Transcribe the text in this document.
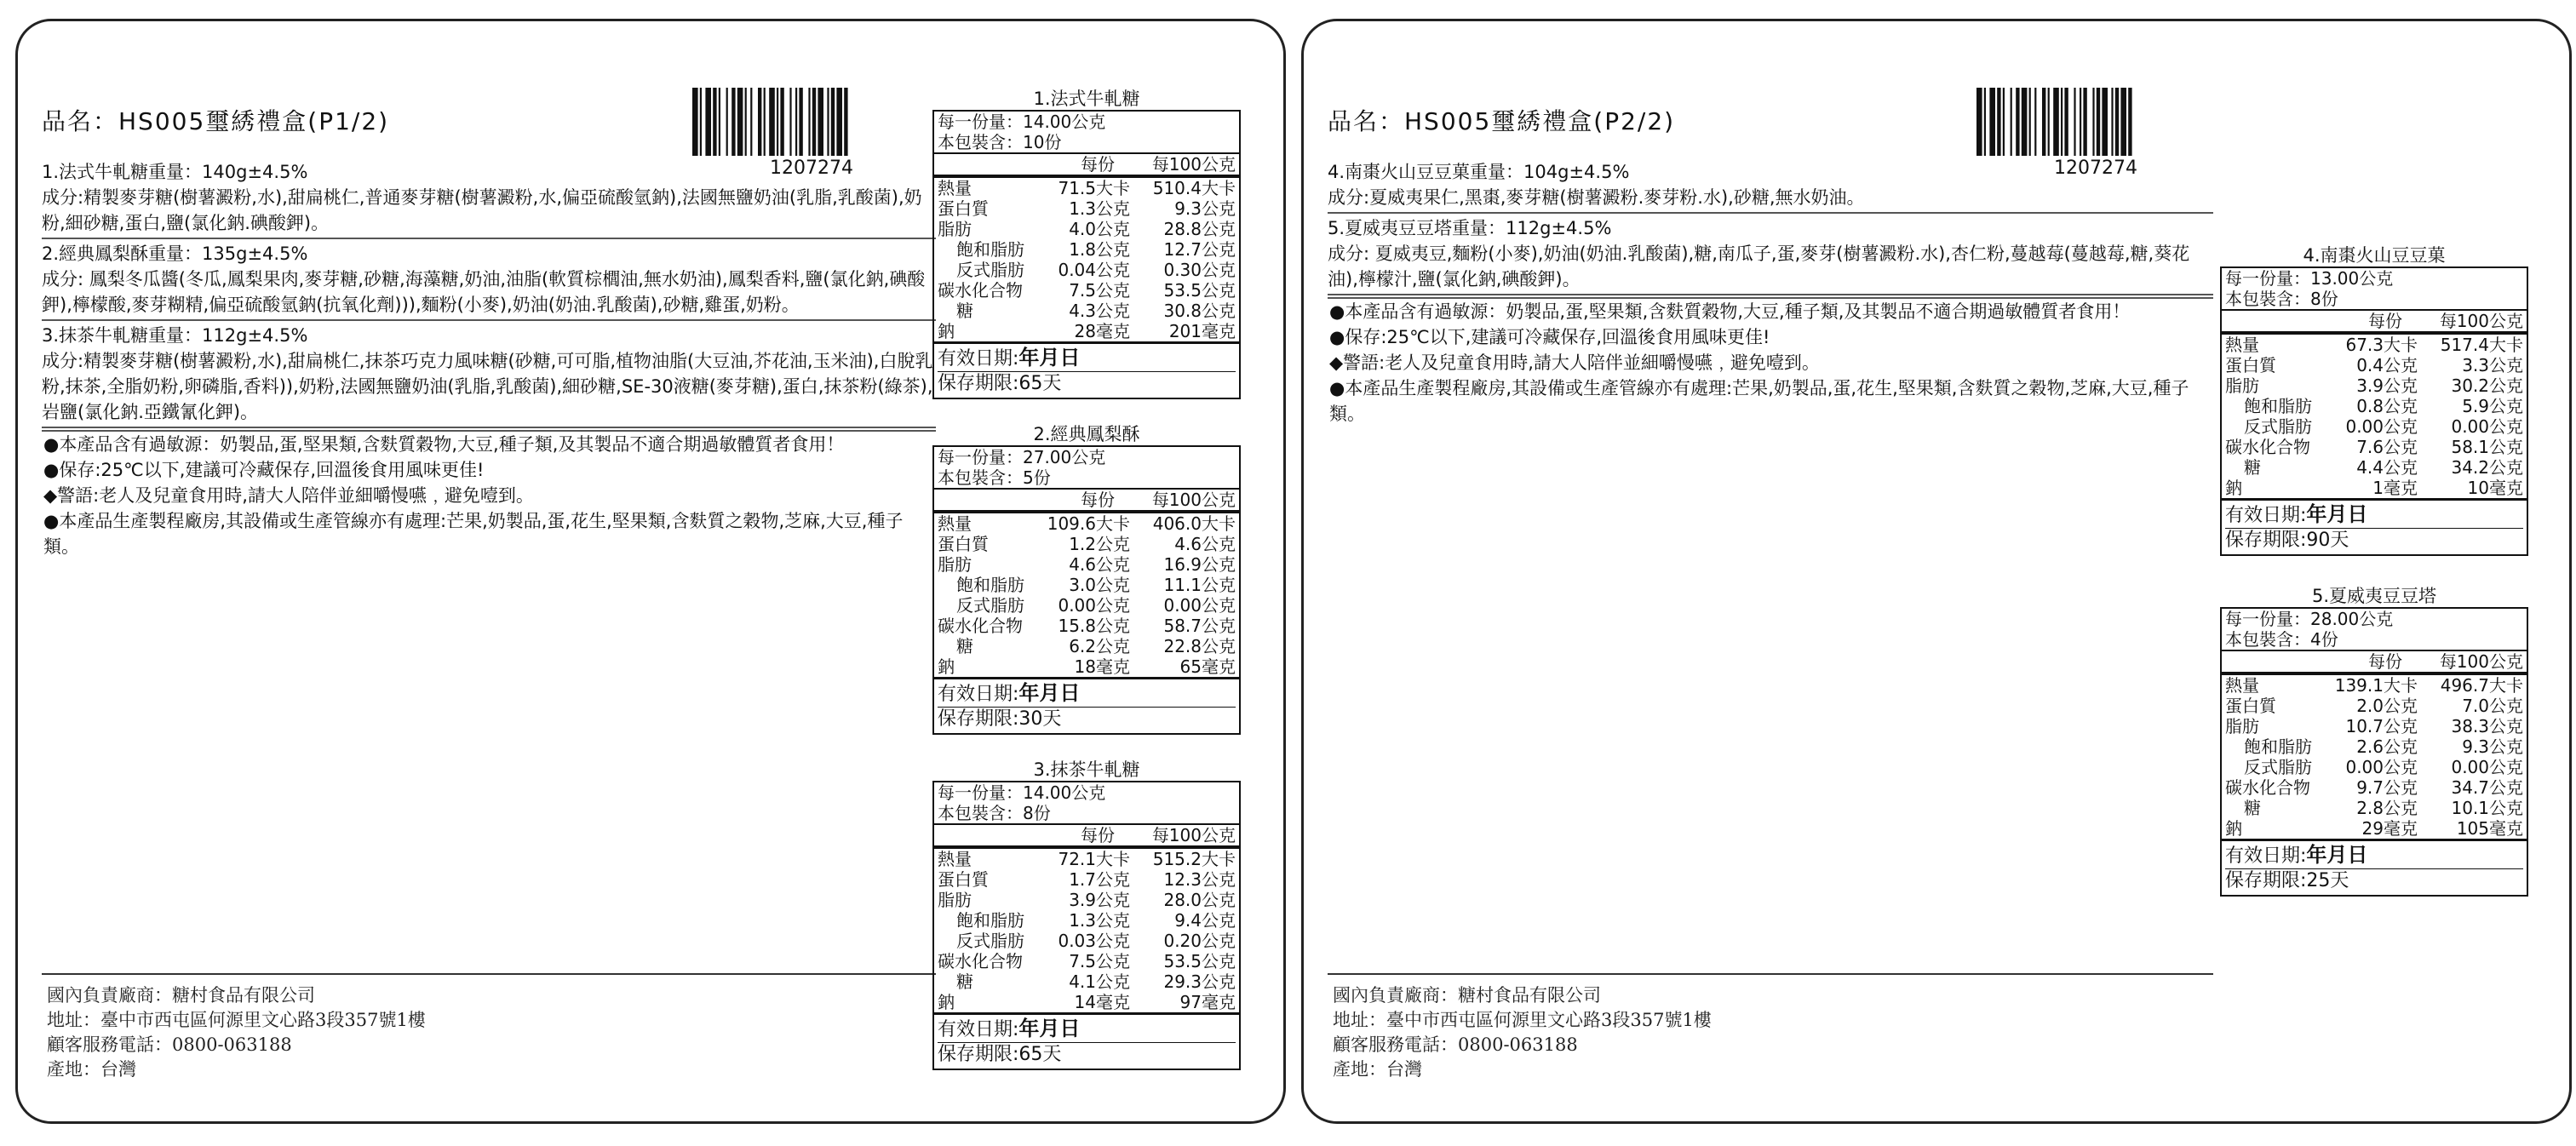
品名：HS005璽綉禮盒(P1/2)
1207274
1.法式牛軋糖重量：140g±4.5%
成分:精製麥芽糖(樹薯澱粉,水),甜扁桃仁,普通麥芽糖(樹薯澱粉,水,偏亞硫酸氫鈉),法國無鹽奶油(乳脂,乳酸菌),奶粉,細砂糖,蛋白,鹽(氯化鈉.碘酸鉀)。
2.經典鳳梨酥重量：135g±4.5%
成分: 鳳梨冬瓜醬(冬瓜,鳳梨果肉,麥芽糖,砂糖,海藻糖,奶油,油脂(軟質棕櫚油,無水奶油),鳳梨香料,鹽(氯化鈉,碘酸鉀),檸檬酸,麥芽糊精,偏亞硫酸氫鈉(抗氧化劑))),麵粉(小麥),奶油(奶油.乳酸菌),砂糖,雞蛋,奶粉。
3.抹茶牛軋糖重量：112g±4.5%
成分:精製麥芽糖(樹薯澱粉,水),甜扁桃仁,抹茶巧克力風味糖(砂糖,可可脂,植物油脂(大豆油,芥花油,玉米油),白脫乳粉,抹茶,全脂奶粉,卵磷脂,香料)),奶粉,法國無鹽奶油(乳脂,乳酸菌),細砂糖,SE-30液糖(麥芽糖),蛋白,抹茶粉(綠茶),岩鹽(氯化鈉.亞鐵氰化鉀)。
●本產品含有過敏源：奶製品,蛋,堅果類,含麩質穀物,大豆,種子類,及其製品不適合期過敏體質者食用！
●保存:25℃以下,建議可冷藏保存,回溫後食用風味更佳!
◆警語:老人及兒童食用時,請大人陪伴並細嚼慢嚥﹐避免噎到。
●本產品生產製程廠房,其設備或生產管線亦有處理:芒果,奶製品,蛋,花生,堅果類,含麩質之穀物,芝麻,大豆,種子類。
國內負責廠商：糖村食品有限公司
地址：臺中市西屯區何源里文心路3段357號1樓
顧客服務電話：0800-063188
產地：台灣
1.法式牛軋糖
每一份量：14.00公克
本包裝含：10份
每份	每100公克
熱量	71.5大卡	510.4大卡
蛋白質	1.3公克	9.3公克
脂肪	4.0公克	28.8公克
飽和脂肪	1.8公克	12.7公克
反式脂肪	0.04公克	0.30公克
碳水化合物	7.5公克	53.5公克
糖	4.3公克	30.8公克
鈉	28毫克	201毫克
有效日期:年月日
保存期限:65天
2.經典鳳梨酥
每一份量：27.00公克
本包裝含：5份
每份	每100公克
熱量	109.6大卡	406.0大卡
蛋白質	1.2公克	4.6公克
脂肪	4.6公克	16.9公克
飽和脂肪	3.0公克	11.1公克
反式脂肪	0.00公克	0.00公克
碳水化合物	15.8公克	58.7公克
糖	6.2公克	22.8公克
鈉	18毫克	65毫克
有效日期:年月日
保存期限:30天
3.抹茶牛軋糖
每一份量：14.00公克
本包裝含：8份
每份	每100公克
熱量	72.1大卡	515.2大卡
蛋白質	1.7公克	12.3公克
脂肪	3.9公克	28.0公克
飽和脂肪	1.3公克	9.4公克
反式脂肪	0.03公克	0.20公克
碳水化合物	7.5公克	53.5公克
糖	4.1公克	29.3公克
鈉	14毫克	97毫克
有效日期:年月日
保存期限:65天
品名：HS005璽綉禮盒(P2/2)
1207274
4.南棗火山豆豆菓重量：104g±4.5%
成分:夏威夷果仁,黑棗,麥芽糖(樹薯澱粉.麥芽粉.水),砂糖,無水奶油。
5.夏威夷豆豆塔重量：112g±4.5%
成分: 夏威夷豆,麵粉(小麥),奶油(奶油.乳酸菌),糖,南瓜子,蛋,麥芽(樹薯澱粉.水),杏仁粉,蔓越莓(蔓越莓,糖,葵花油),檸檬汁,鹽(氯化鈉,碘酸鉀)。
●本產品含有過敏源：奶製品,蛋,堅果類,含麩質穀物,大豆,種子類,及其製品不適合期過敏體質者食用！
●保存:25℃以下,建議可冷藏保存,回溫後食用風味更佳!
◆警語:老人及兒童食用時,請大人陪伴並細嚼慢嚥﹐避免噎到。
●本產品生產製程廠房,其設備或生產管線亦有處理:芒果,奶製品,蛋,花生,堅果類,含麩質之穀物,芝麻,大豆,種子類。
國內負責廠商：糖村食品有限公司
地址：臺中市西屯區何源里文心路3段357號1樓
顧客服務電話：0800-063188
產地：台灣
4.南棗火山豆豆菓
每一份量：13.00公克
本包裝含：8份
每份	每100公克
熱量	67.3大卡	517.4大卡
蛋白質	0.4公克	3.3公克
脂肪	3.9公克	30.2公克
飽和脂肪	0.8公克	5.9公克
反式脂肪	0.00公克	0.00公克
碳水化合物	7.6公克	58.1公克
糖	4.4公克	34.2公克
鈉	1毫克	10毫克
有效日期:年月日
保存期限:90天
5.夏威夷豆豆塔
每一份量：28.00公克
本包裝含：4份
每份	每100公克
熱量	139.1大卡	496.7大卡
蛋白質	2.0公克	7.0公克
脂肪	10.7公克	38.3公克
飽和脂肪	2.6公克	9.3公克
反式脂肪	0.00公克	0.00公克
碳水化合物	9.7公克	34.7公克
糖	2.8公克	10.1公克
鈉	29毫克	105毫克
有效日期:年月日
保存期限:25天
